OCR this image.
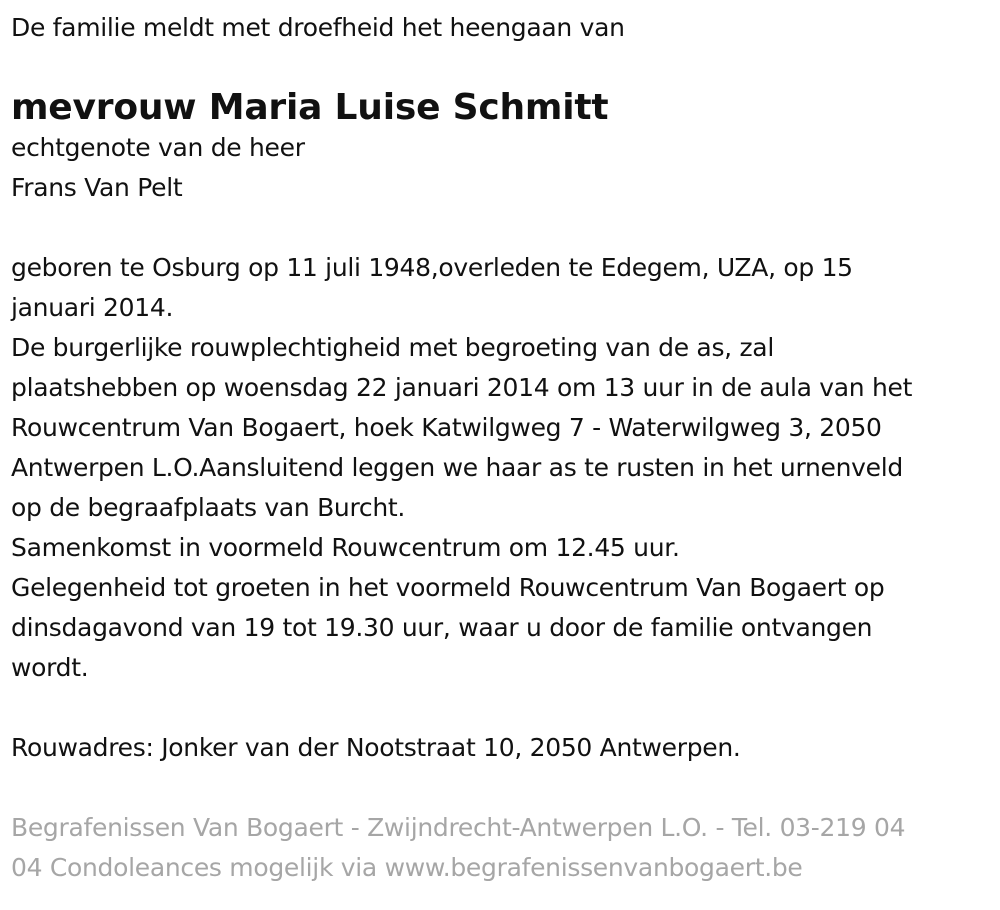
De familie meldt met droefheid het heengaan van
mevrouw Maria Luise Schmitt
echtgenote van de heer
Frans Van Pelt
geboren te Osburg op 11 juli 1948,overleden te Edegem, UZA, op 15
januari 2014.
De burgerlijke rouwplechtigheid met begroeting van de as, zal
plaatshebben op woensdag 22 januari 2014 om 13 uur in de aula van het
Rouwcentrum Van Bogaert, hoek Katwilgweg 7 - Waterwilgweg 3, 2050
Antwerpen L.O.Aansluitend leggen we haar as te rusten in het urnenveld
op de begraafplaats van Burcht.
Samenkomst in voormeld Rouwcentrum om 12.45 uur.
Gelegenheid tot groeten in het voormeld Rouwcentrum Van Bogaert op
dinsdagavond van 19 tot 19.30 uur, waar u door de familie ontvangen
wordt.
Rouwadres: Jonker van der Nootstraat 10, 2050 Antwerpen.
Begrafenissen Van Bogaert - Zwijndrecht-Antwerpen L.O. - Tel. 03-219 04
04 Condoleances mogelijk via www.begrafenissenvanbogaert.be
